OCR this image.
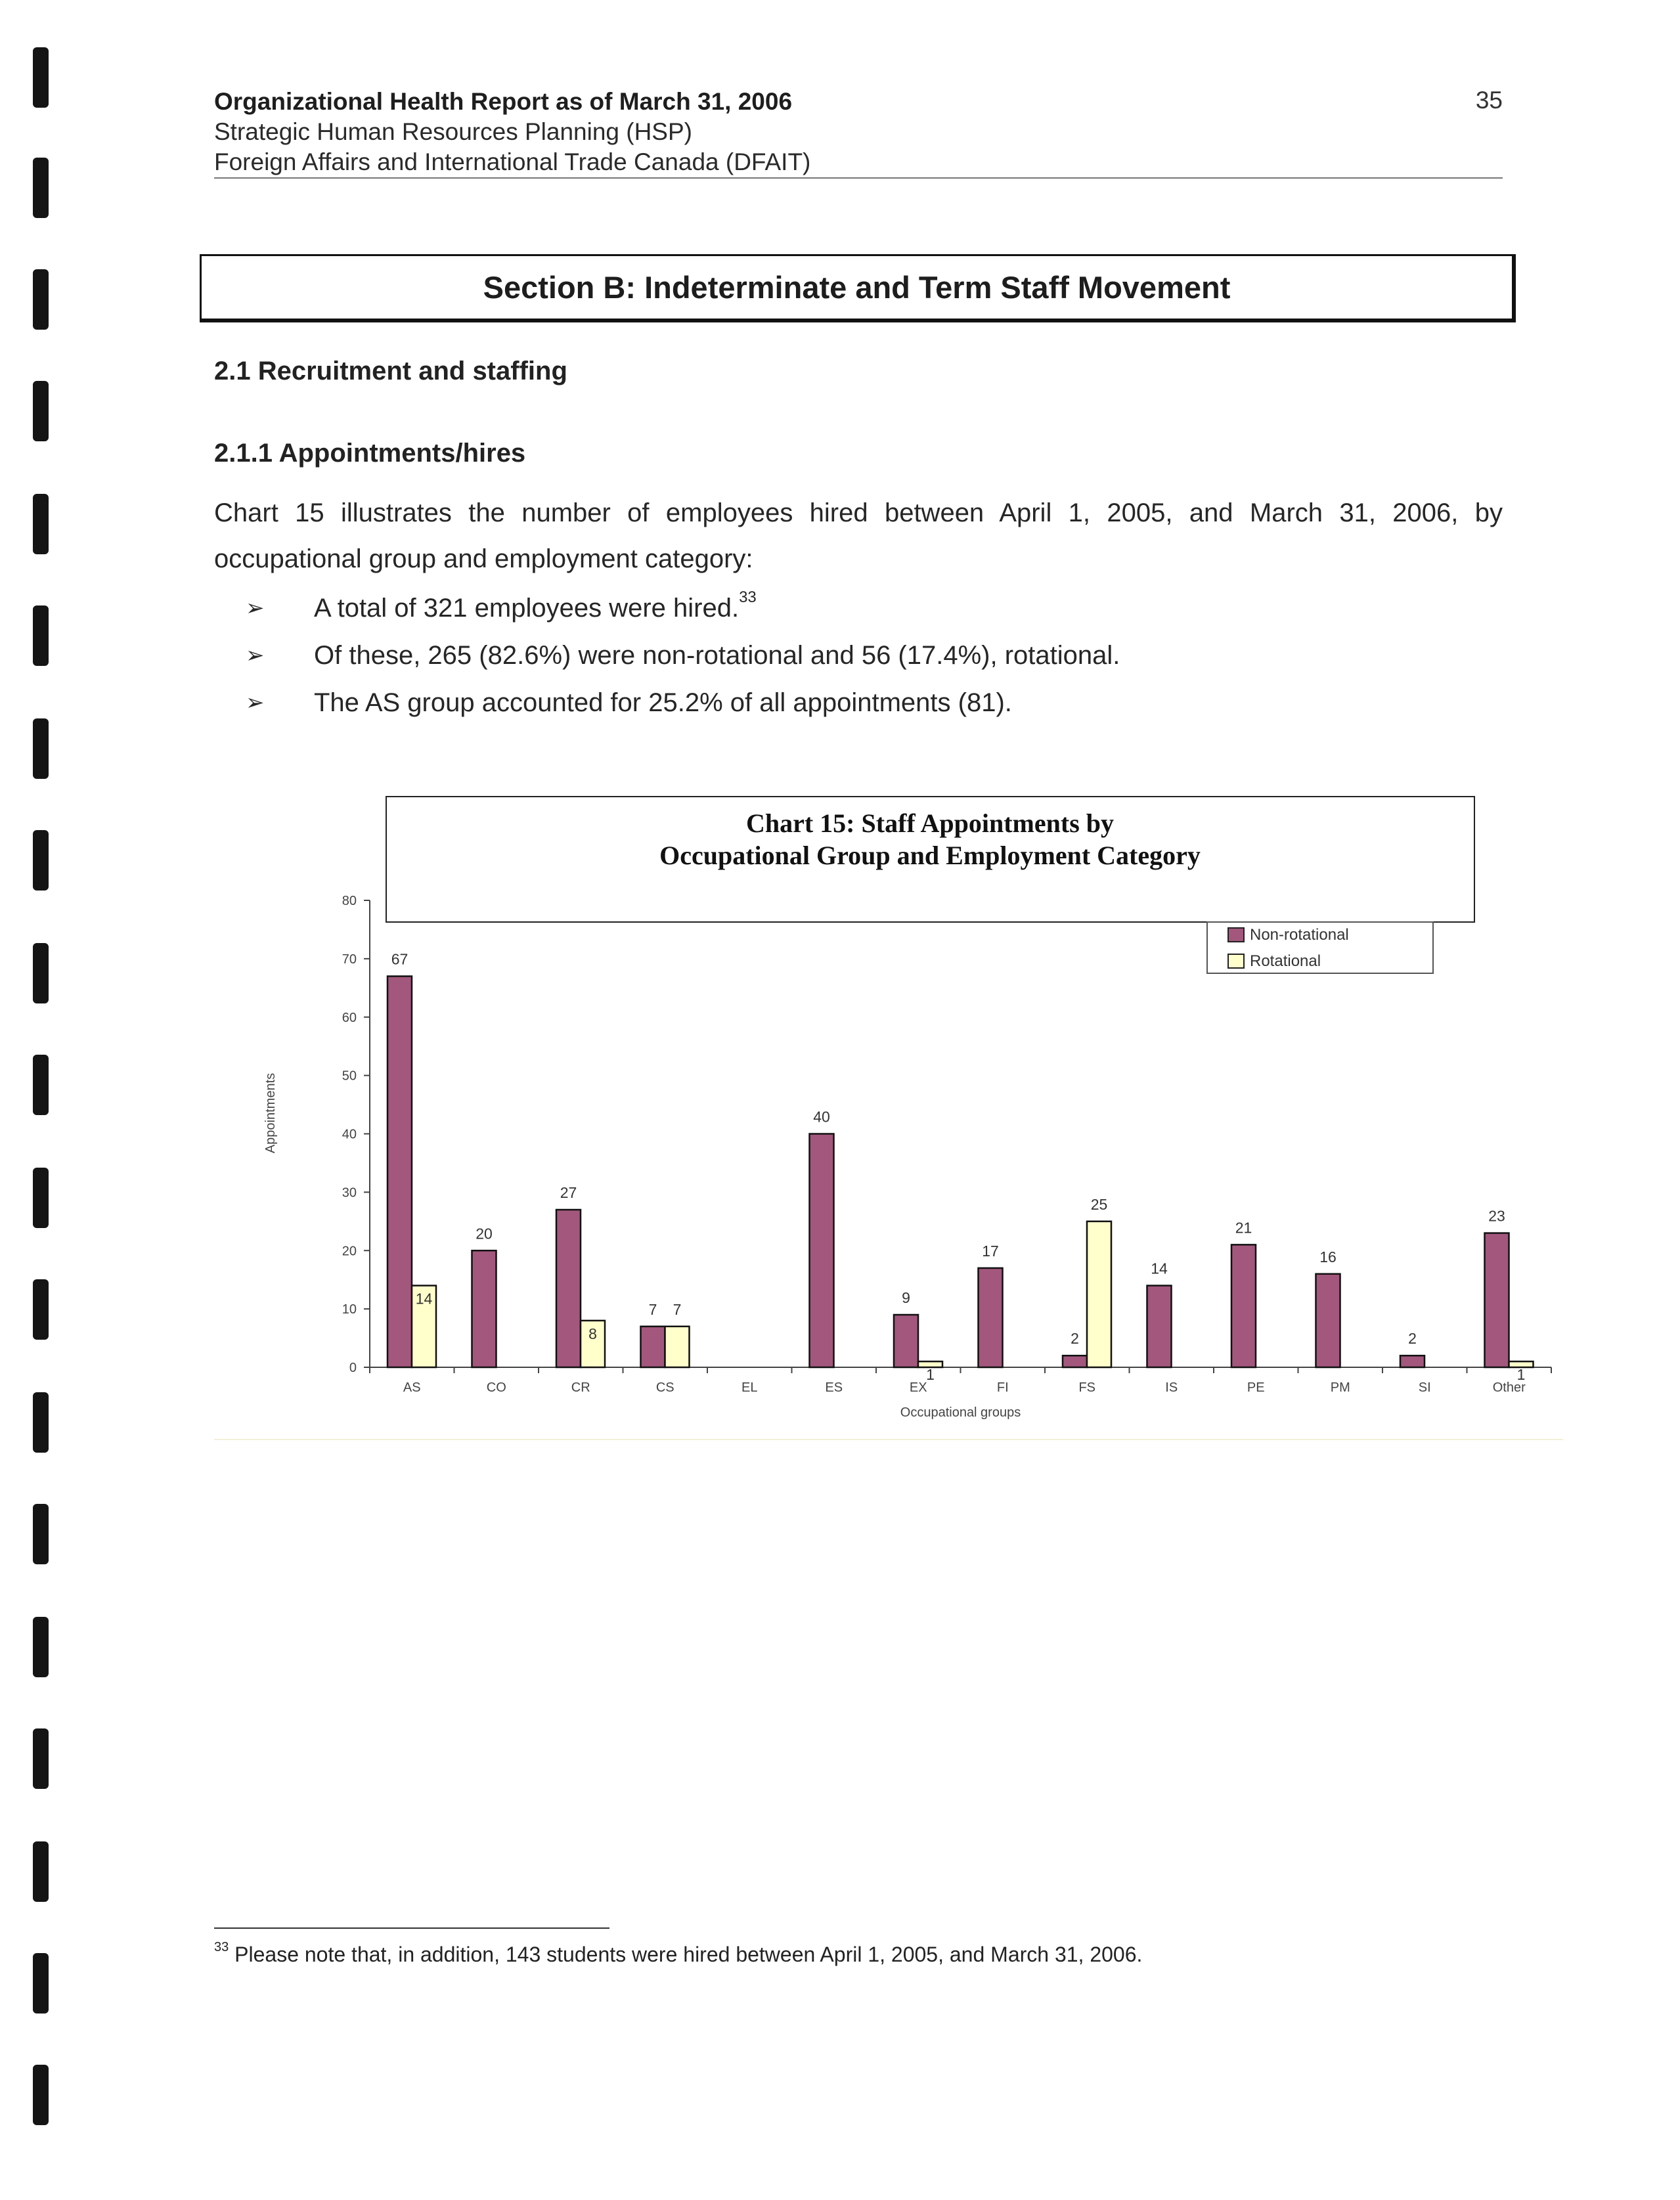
Organizational Health Report as of March 31, 2006
Strategic Human Resources Planning (HSP)
Foreign Affairs and International Trade Canada (DFAIT)
35
Section B: Indeterminate and Term Staff Movement
2.1 Recruitment and staffing
2.1.1 Appointments/hires
Chart 15 illustrates the number of employees hired between April 1, 2005, and March 31, 2006, by occupational group and employment category:
➢ A total of 321 employees were hired.$^{33}$
➢ Of these, 265 (82.6%) were non-rotational and 56 (17.4%), rotational.
➢ The AS group accounted for 25.2% of all appointments (81).
0
10
20
30
40
50
60
70
80
AS	CO	CR	CS	EL	ES	EX	FI	FS	IS	PE	PM	SI	Other
Occupational groups
Appointments
67
14
20
27
8
7 7
40
9
1
17
2
25
14
21
16
2
23
1
Chart 15: Staff Appointments by
Occupational Group and Employment Category
Non-rotational
Rotational
$^{33}$ Please note that, in addition, 143 students were hired between April 1, 2005, and March 31, 2006.
